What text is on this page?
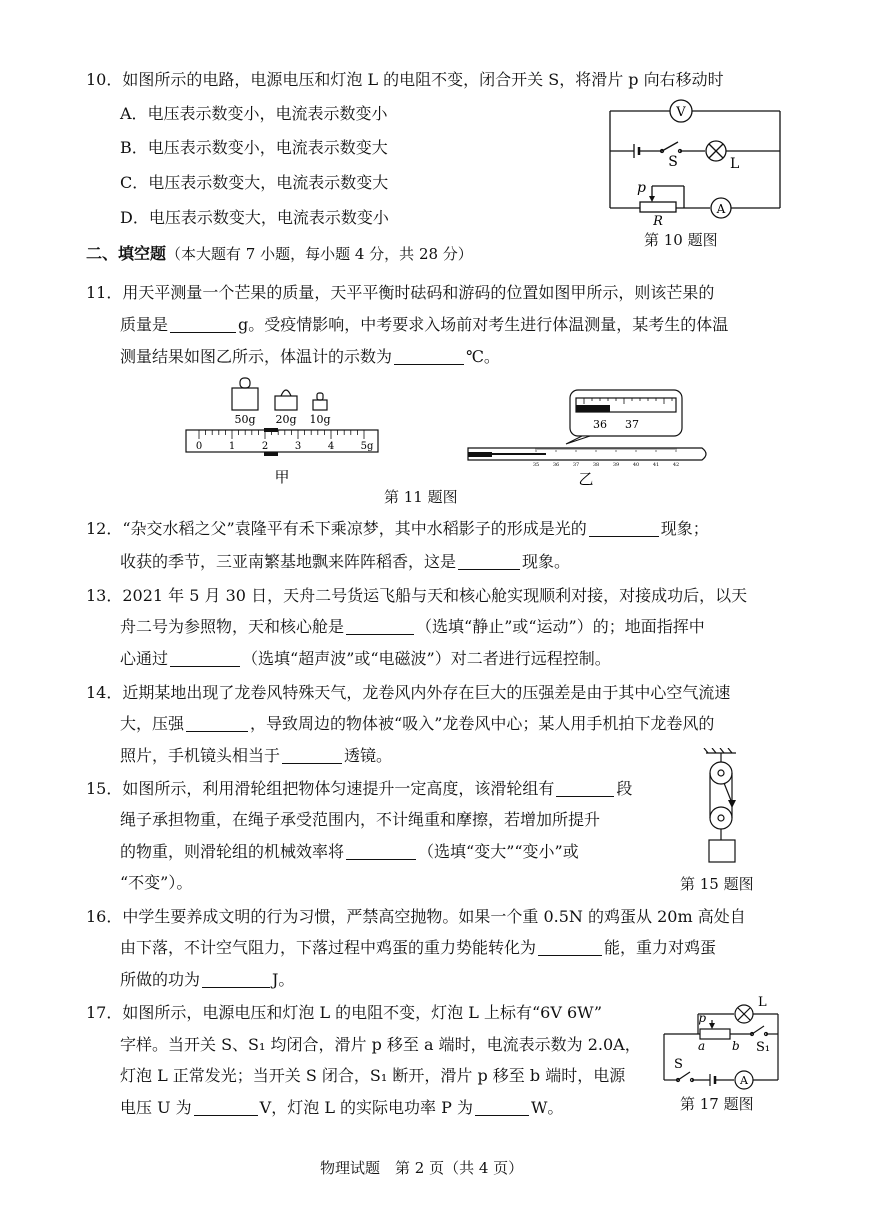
10．如图所示的电路，电源电压和灯泡 L 的电阻不变，闭合开关 S，将滑片 p 向右移动时
A．电压表示数变小，电流表示数变小
B．电压表示数变小，电流表示数变大
C．电压表示数变大，电流表示数变大
D．电压表示数变大，电流表示数变小
V
S	L
p
R
A
第 10 题图
二、填空题（本大题有 7 小题，每小题 4 分，共 28 分）
11．用天平测量一个芒果的质量，天平平衡时砝码和游码的位置如图甲所示，则该芒果的
质量是	g。受疫情影响，中考要求入场前对考生进行体温测量，某考生的体温
测量结果如图乙所示，体温计的示数为	℃。
50g 20g 10g
0	1	2	3	4	5g
甲
36 37
35	36	37	38	39	40	41	42
乙
第 11 题图
12．“杂交水稻之父”袁隆平有禾下乘凉梦，其中水稻影子的形成是光的	现象；
收获的季节，三亚南繁基地飘来阵阵稻香，这是	现象。
13．2021 年 5 月 30 日，天舟二号货运飞船与天和核心舱实现顺利对接，对接成功后，以天
舟二号为参照物，天和核心舱是	（选填“静止”或“运动”）的；地面指挥中
心通过	（选填“超声波”或“电磁波”）对二者进行远程控制。
14．近期某地出现了龙卷风特殊天气，龙卷风内外存在巨大的压强差是由于其中心空气流速
大，压强	，导致周边的物体被“吸入”龙卷风中心；某人用手机拍下龙卷风的
照片，手机镜头相当于	透镜。
15．如图所示，利用滑轮组把物体匀速提升一定高度，该滑轮组有	段
绳子承担物重，在绳子承受范围内，不计绳重和摩擦，若增加所提升
的物重，则滑轮组的机械效率将	（选填“变大”“变小”或
“不变”）。	第 15 题图
16．中学生要养成文明的行为习惯，严禁高空抛物。如果一个重 0.5N 的鸡蛋从 20m 高处自
由下落，不计空气阻力，下落过程中鸡蛋的重力势能转化为	能，重力对鸡蛋
所做的功为	J。
17．如图所示，电源电压和灯泡 L 的电阻不变，灯泡 L 上标有“6V 6W”
字样。当开关 S、S₁ 均闭合，滑片 p 移至 a 端时，电流表示数为 2.0A，
灯泡 L 正常发光；当开关 S 闭合，S₁ 断开，滑片 p 移至 b 端时，电源
电压 U 为	V，灯泡 L 的实际电功率 P 为	W。
L
p
a b S₁
S
A
第 17 题图
物理试题　第 2 页（共 4 页）
